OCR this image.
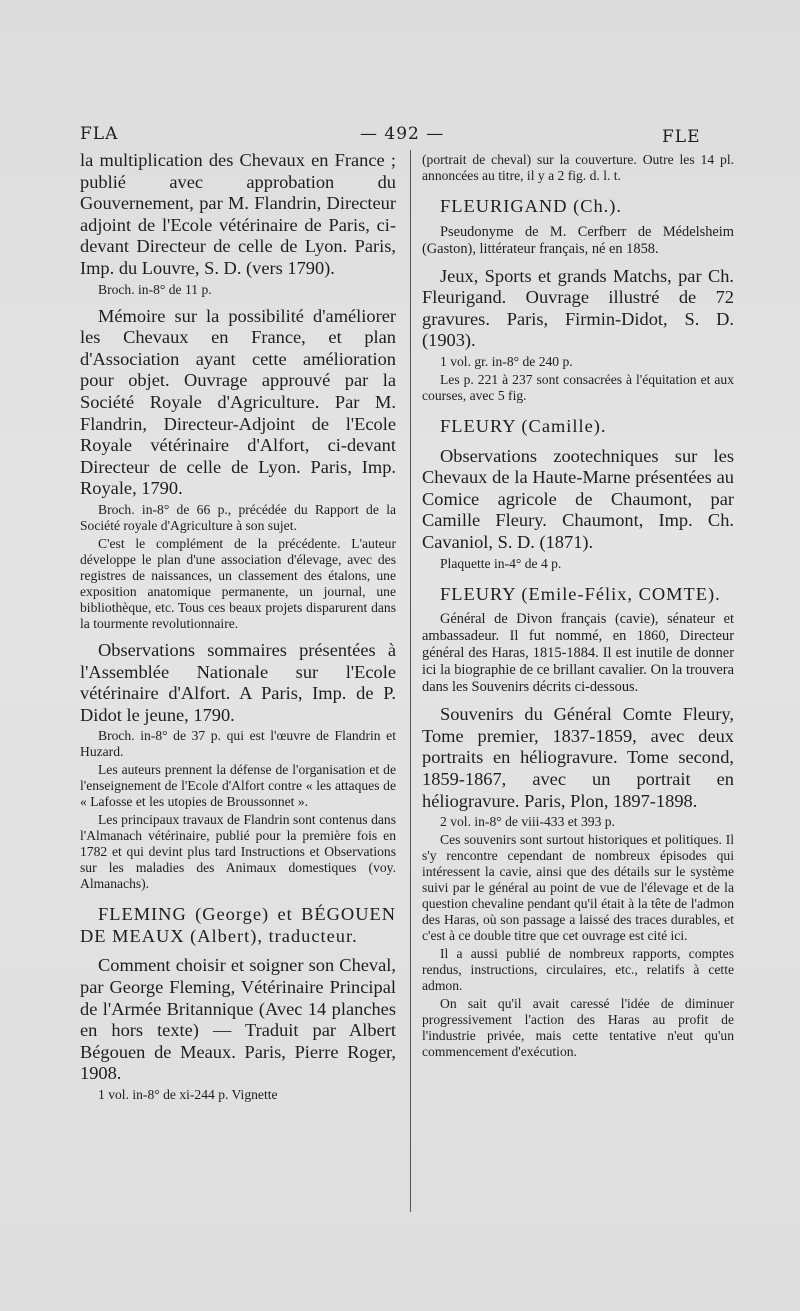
FLA	— 492 —	FLE

la multiplication des Chevaux en France ; publié avec approbation du Gouvernement, par M. Flandrin, Directeur adjoint de l'Ecole vétérinaire de Paris, ci-devant Directeur de celle de Lyon. Paris, Imp. du Louvre, S. D. (vers 1790).

Broch. in-8° de 11 p.

Mémoire sur la possibilité d'améliorer les Chevaux en France, et plan d'Association ayant cette amélioration pour objet. Ouvrage approuvé par la Société Royale d'Agriculture. Par M. Flandrin, Directeur-Adjoint de l'Ecole Royale vétérinaire d'Alfort, ci-devant Directeur de celle de Lyon. Paris, Imp. Royale, 1790.

Broch. in-8° de 66 p., précédée du Rapport de la Société royale d'Agriculture à son sujet.

C'est le complément de la précédente. L'auteur développe le plan d'une association d'élevage, avec des registres de naissances, un classement des étalons, une exposition anatomique permanente, un journal, une bibliothèque, etc. Tous ces beaux projets disparurent dans la tourmente revolutionnaire.

Observations sommaires présentées à l'Assemblée Nationale sur l'Ecole vétérinaire d'Alfort. A Paris, Imp. de P. Didot le jeune, 1790.

Broch. in-8° de 37 p. qui est l'œuvre de Flandrin et Huzard.

Les auteurs prennent la défense de l'organisation et de l'enseignement de l'Ecole d'Alfort contre « les attaques de « Lafosse et les utopies de Broussonnet ».

Les principaux travaux de Flandrin sont contenus dans l'Almanach vétérinaire, publié pour la première fois en 1782 et qui devint plus tard Instructions et Observations sur les maladies des Animaux domestiques (voy. Almanachs).

FLEMING (George) et BÉGOUEN DE MEAUX (Albert), traducteur.

Comment choisir et soigner son Cheval, par George Fleming, Vétérinaire Principal de l'Armée Britannique (Avec 14 planches en hors texte) — Traduit par Albert Bégouen de Meaux. Paris, Pierre Roger, 1908.

1 vol. in-8° de xi-244 p. Vignette

(portrait de cheval) sur la couverture. Outre les 14 pl. annoncées au titre, il y a 2 fig. d. l. t.

FLEURIGAND (Ch.).

Pseudonyme de M. Cerfberr de Médelsheim (Gaston), littérateur français, né en 1858.

Jeux, Sports et grands Matchs, par Ch. Fleurigand. Ouvrage illustré de 72 gravures. Paris, Firmin-Didot, S. D. (1903).

1 vol. gr. in-8° de 240 p.

Les p. 221 à 237 sont consacrées à l'équitation et aux courses, avec 5 fig.

FLEURY (Camille).

Observations zootechniques sur les Chevaux de la Haute-Marne présentées au Comice agricole de Chaumont, par Camille Fleury. Chaumont, Imp. Ch. Cavaniol, S. D. (1871).

Plaquette in-4° de 4 p.

FLEURY (Emile-Félix, COMTE).

Général de Divon français (cavie), sénateur et ambassadeur. Il fut nommé, en 1860, Directeur général des Haras, 1815-1884. Il est inutile de donner ici la biographie de ce brillant cavalier. On la trouvera dans les Souvenirs décrits ci-dessous.

Souvenirs du Général Comte Fleury, Tome premier, 1837-1859, avec deux portraits en héliogravure. Tome second, 1859-1867, avec un portrait en héliogravure. Paris, Plon, 1897-1898.

2 vol. in-8° de viii-433 et 393 p.

Ces souvenirs sont surtout historiques et politiques. Il s'y rencontre cependant de nombreux épisodes qui intéressent la cavie, ainsi que des détails sur le système suivi par le général au point de vue de l'élevage et de la question chevaline pendant qu'il était à la tête de l'admon des Haras, où son passage a laissé des traces durables, et c'est à ce double titre que cet ouvrage est cité ici.

Il a aussi publié de nombreux rapports, comptes rendus, instructions, circulaires, etc., relatifs à cette admon.

On sait qu'il avait caressé l'idée de diminuer progressivement l'action des Haras au profit de l'industrie privée, mais cette tentative n'eut qu'un commencement d'exécution.
